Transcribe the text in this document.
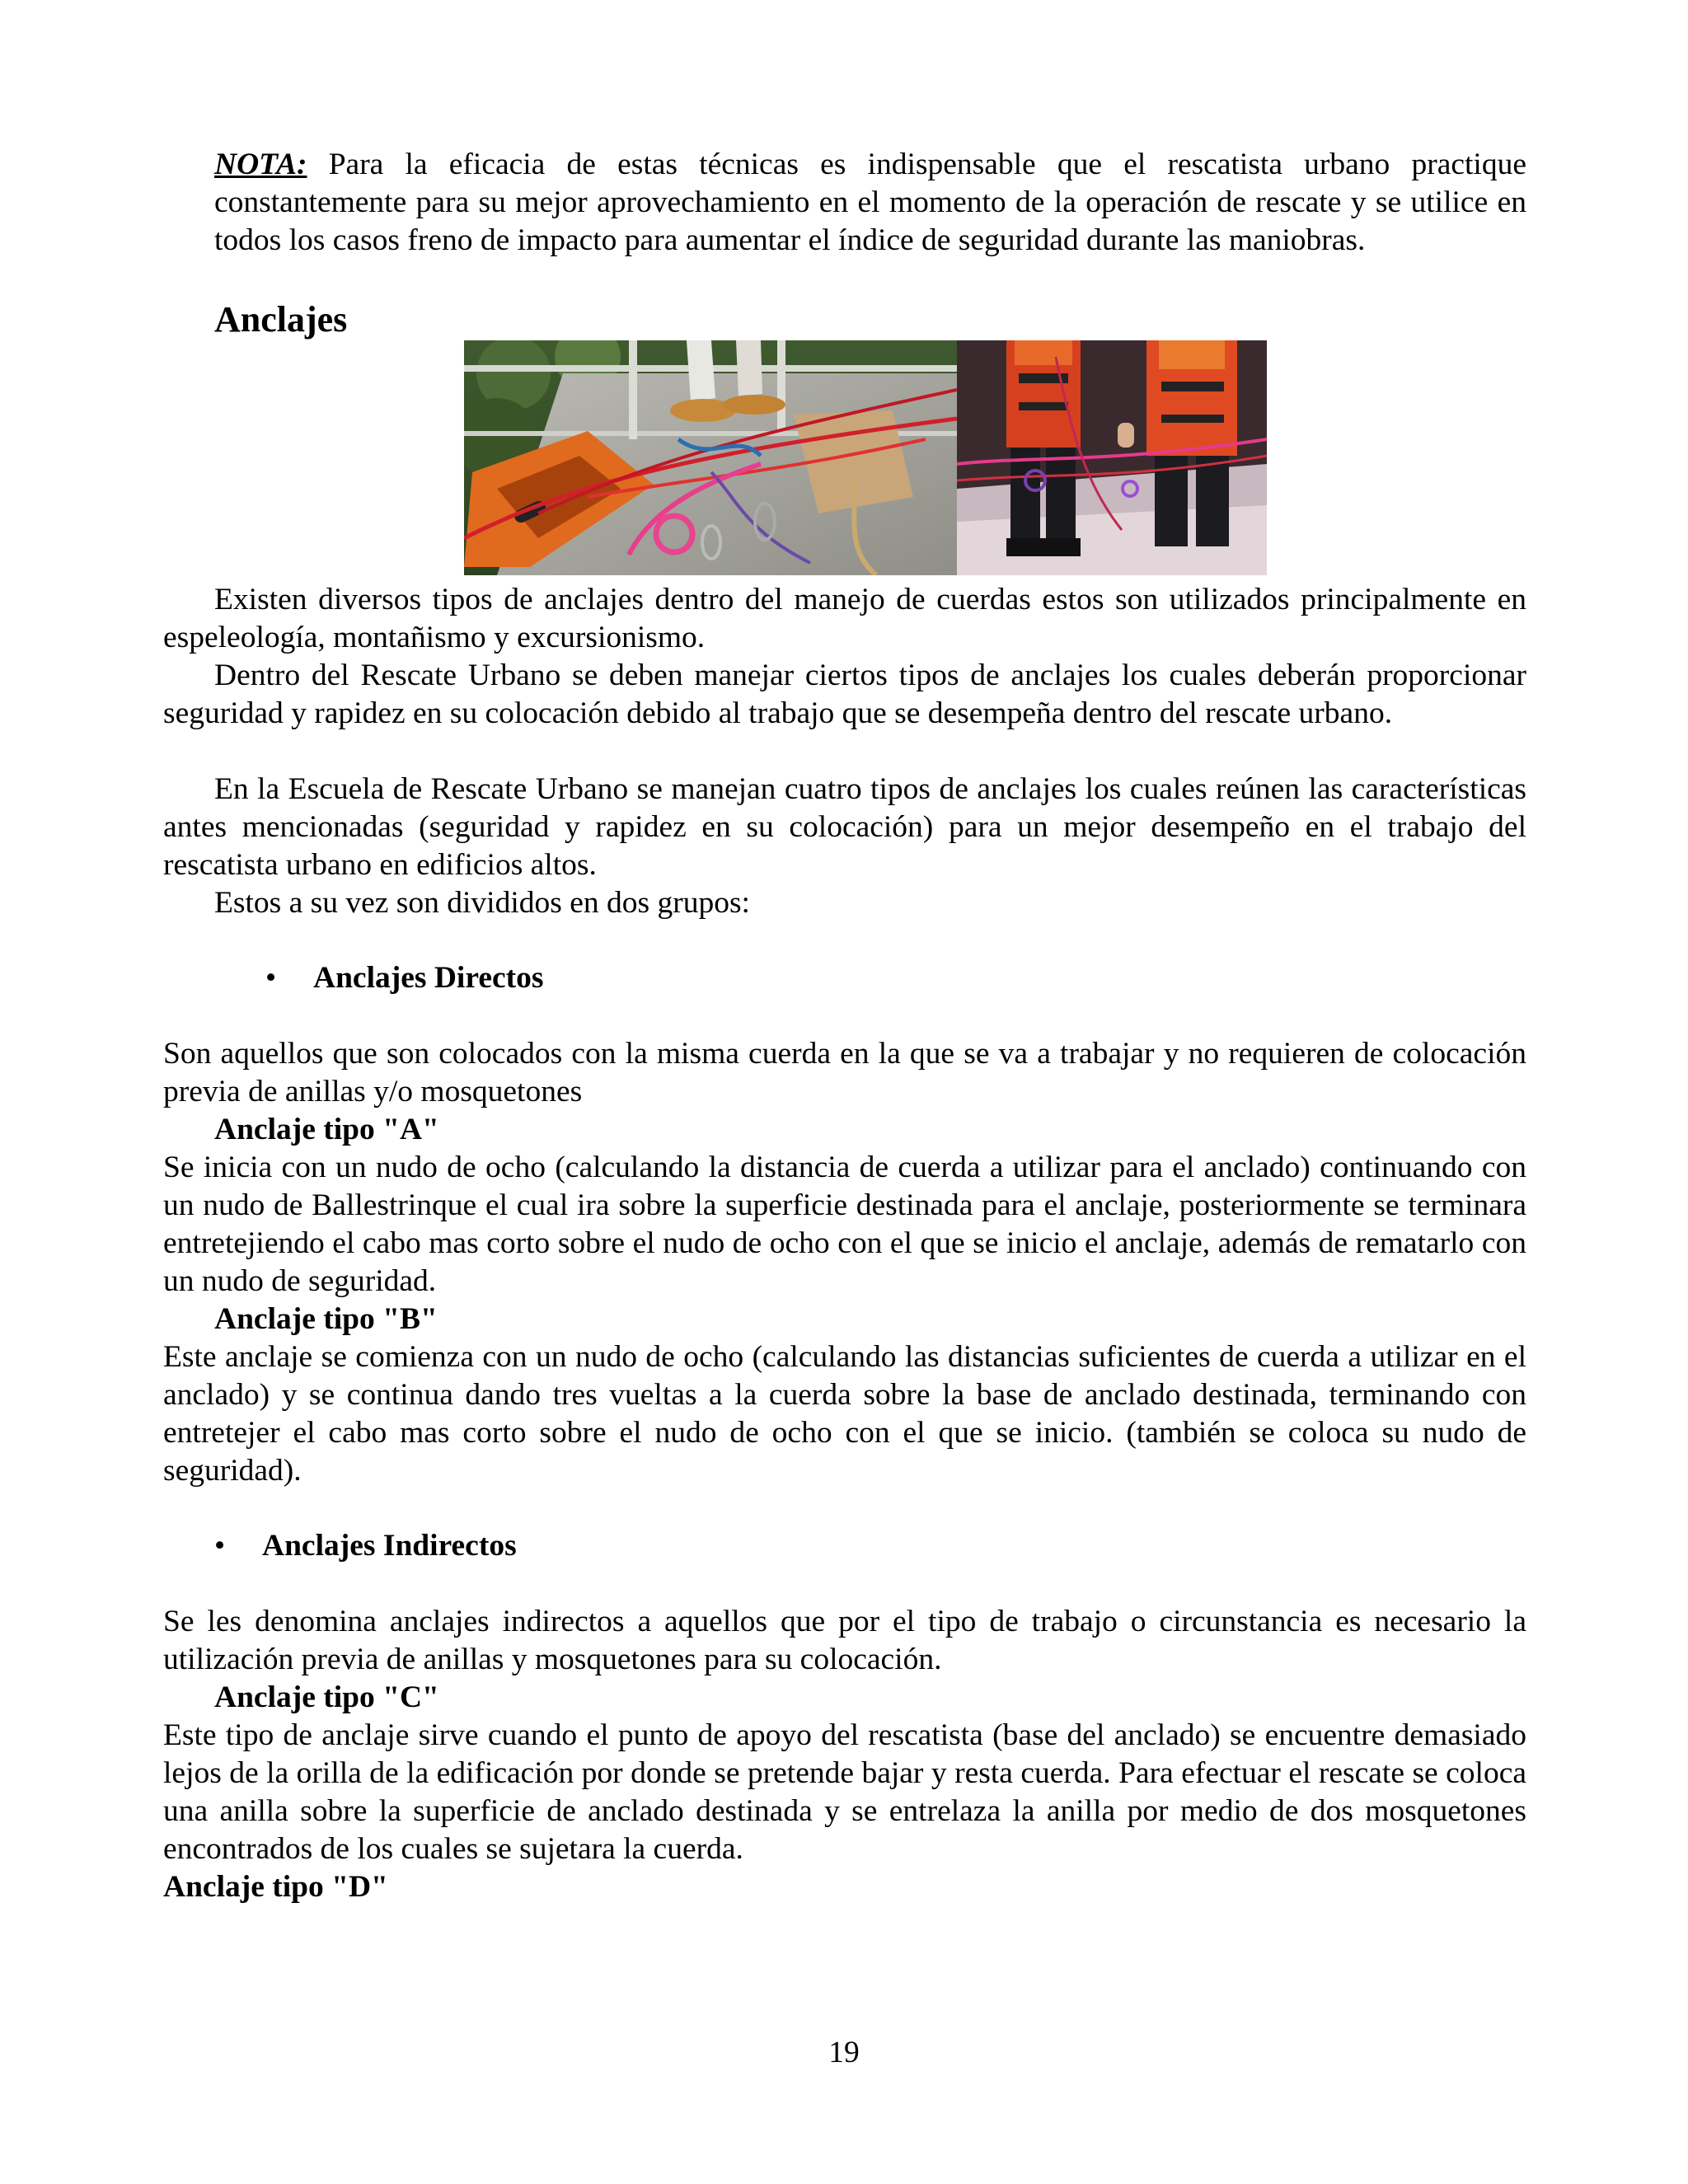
NOTA: Para la eficacia de estas técnicas es indispensable que el rescatista urbano practique constantemente para su mejor aprovechamiento en el momento de la operación de rescate y se utilice en todos los casos freno de impacto para aumentar el índice de seguridad durante las maniobras.

Anclajes

Existen diversos tipos de anclajes dentro del manejo de cuerdas estos son utilizados principalmente en espeleología, montañismo y excursionismo.

Dentro del Rescate Urbano se deben manejar ciertos tipos de anclajes los cuales deberán proporcionar seguridad y rapidez en su colocación debido al trabajo que se desempeña dentro del rescate urbano.

En la Escuela de Rescate Urbano se manejan cuatro tipos de anclajes los cuales reúnen las características antes mencionadas (seguridad y rapidez en su colocación) para un mejor desempeño en el trabajo del rescatista urbano en edificios altos.

Estos a su vez son divididos en dos grupos:

• Anclajes Directos

Son aquellos que son colocados con la misma cuerda en la que se va a trabajar y no requieren de colocación previa de anillas y/o mosquetones

Anclaje tipo "A"

Se inicia con un nudo de ocho (calculando la distancia de cuerda a utilizar para el anclado) continuando con un nudo de Ballestrinque el cual ira sobre la superficie destinada para el anclaje, posteriormente se terminara entretejiendo el cabo mas corto sobre el nudo de ocho con el que se inicio el anclaje, además de rematarlo con un nudo de seguridad.

Anclaje tipo "B"

Este anclaje se comienza con un nudo de ocho (calculando las distancias suficientes de cuerda a utilizar en el anclado) y se continua dando tres vueltas a la cuerda sobre la base de anclado destinada, terminando con entretejer el cabo mas corto sobre el nudo de ocho con el que se inicio. (también se coloca su nudo de seguridad).

• Anclajes Indirectos

Se les denomina anclajes indirectos a aquellos que por el tipo de trabajo o circunstancia es necesario la utilización previa de anillas y mosquetones para su colocación.

Anclaje tipo "C"

Este tipo de anclaje sirve cuando el punto de apoyo del rescatista (base del anclado) se encuentre demasiado lejos de la orilla de la edificación por donde se pretende bajar y resta cuerda. Para efectuar el rescate se coloca una anilla sobre la superficie de anclado destinada y se entrelaza la anilla por medio de dos mosquetones encontrados de los cuales se sujetara la cuerda.

Anclaje tipo "D"
19
